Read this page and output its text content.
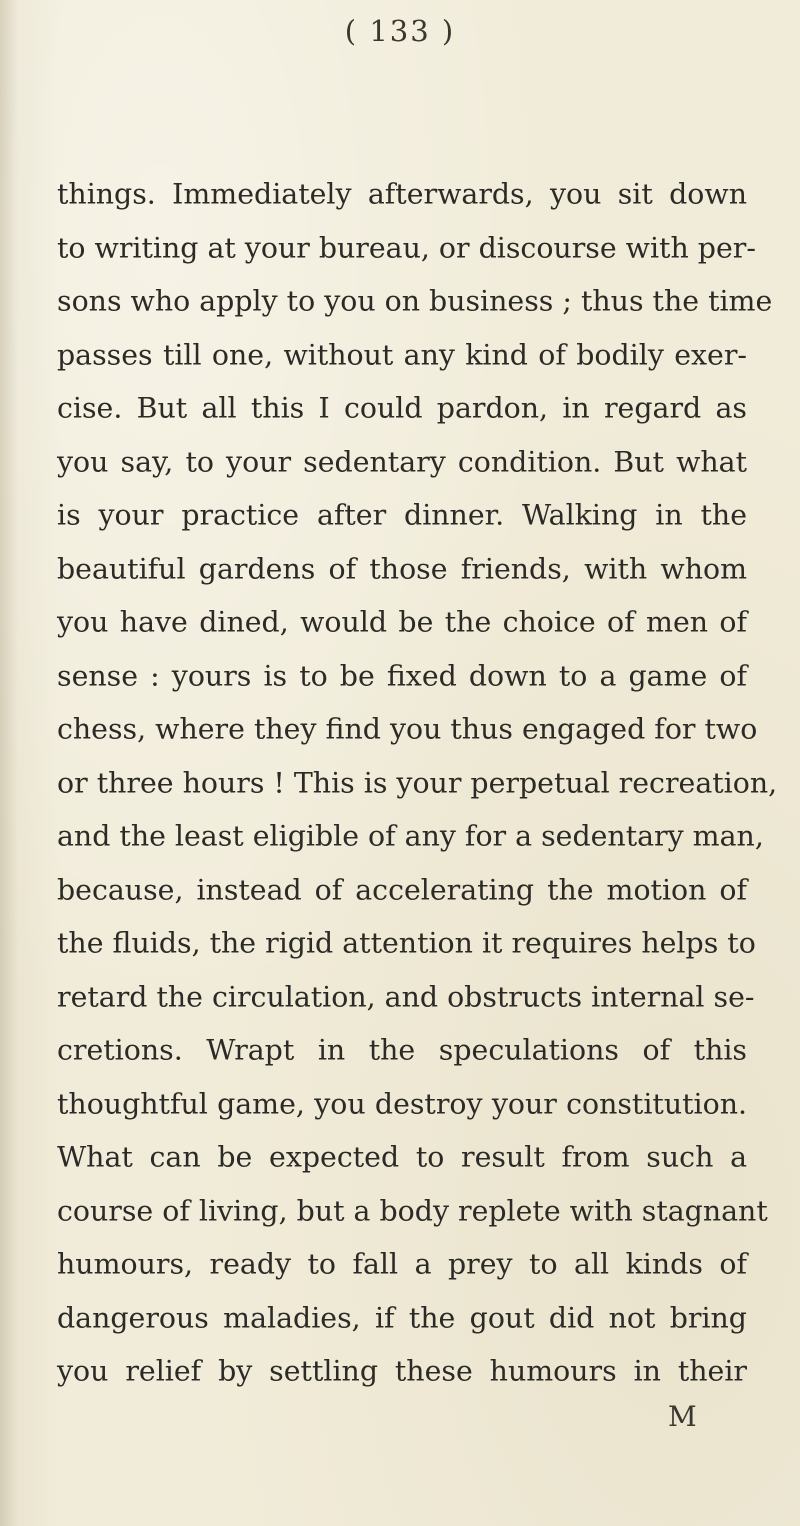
( 133 )
things. Immediately afterwards, you sit down
to writing at your bureau, or discourse with per-
sons who apply to you on business ; thus the time
passes till one, without any kind of bodily exer-
cise. But all this I could pardon, in regard as
you say, to your sedentary condition. But what
is your practice after dinner. Walking in the
beautiful gardens of those friends, with whom
you have dined, would be the choice of men of
sense : yours is to be fixed down to a game of
chess, where they find you thus engaged for two
or three hours ! This is your perpetual recreation,
and the least eligible of any for a sedentary man,
because, instead of accelerating the motion of
the fluids, the rigid attention it requires helps to
retard the circulation, and obstructs internal se-
cretions. Wrapt in the speculations of this
thoughtful game, you destroy your constitution.
What can be expected to result from such a
course of living, but a body replete with stagnant
humours, ready to fall a prey to all kinds of
dangerous maladies, if the gout did not bring
you relief by settling these humours in their
M
